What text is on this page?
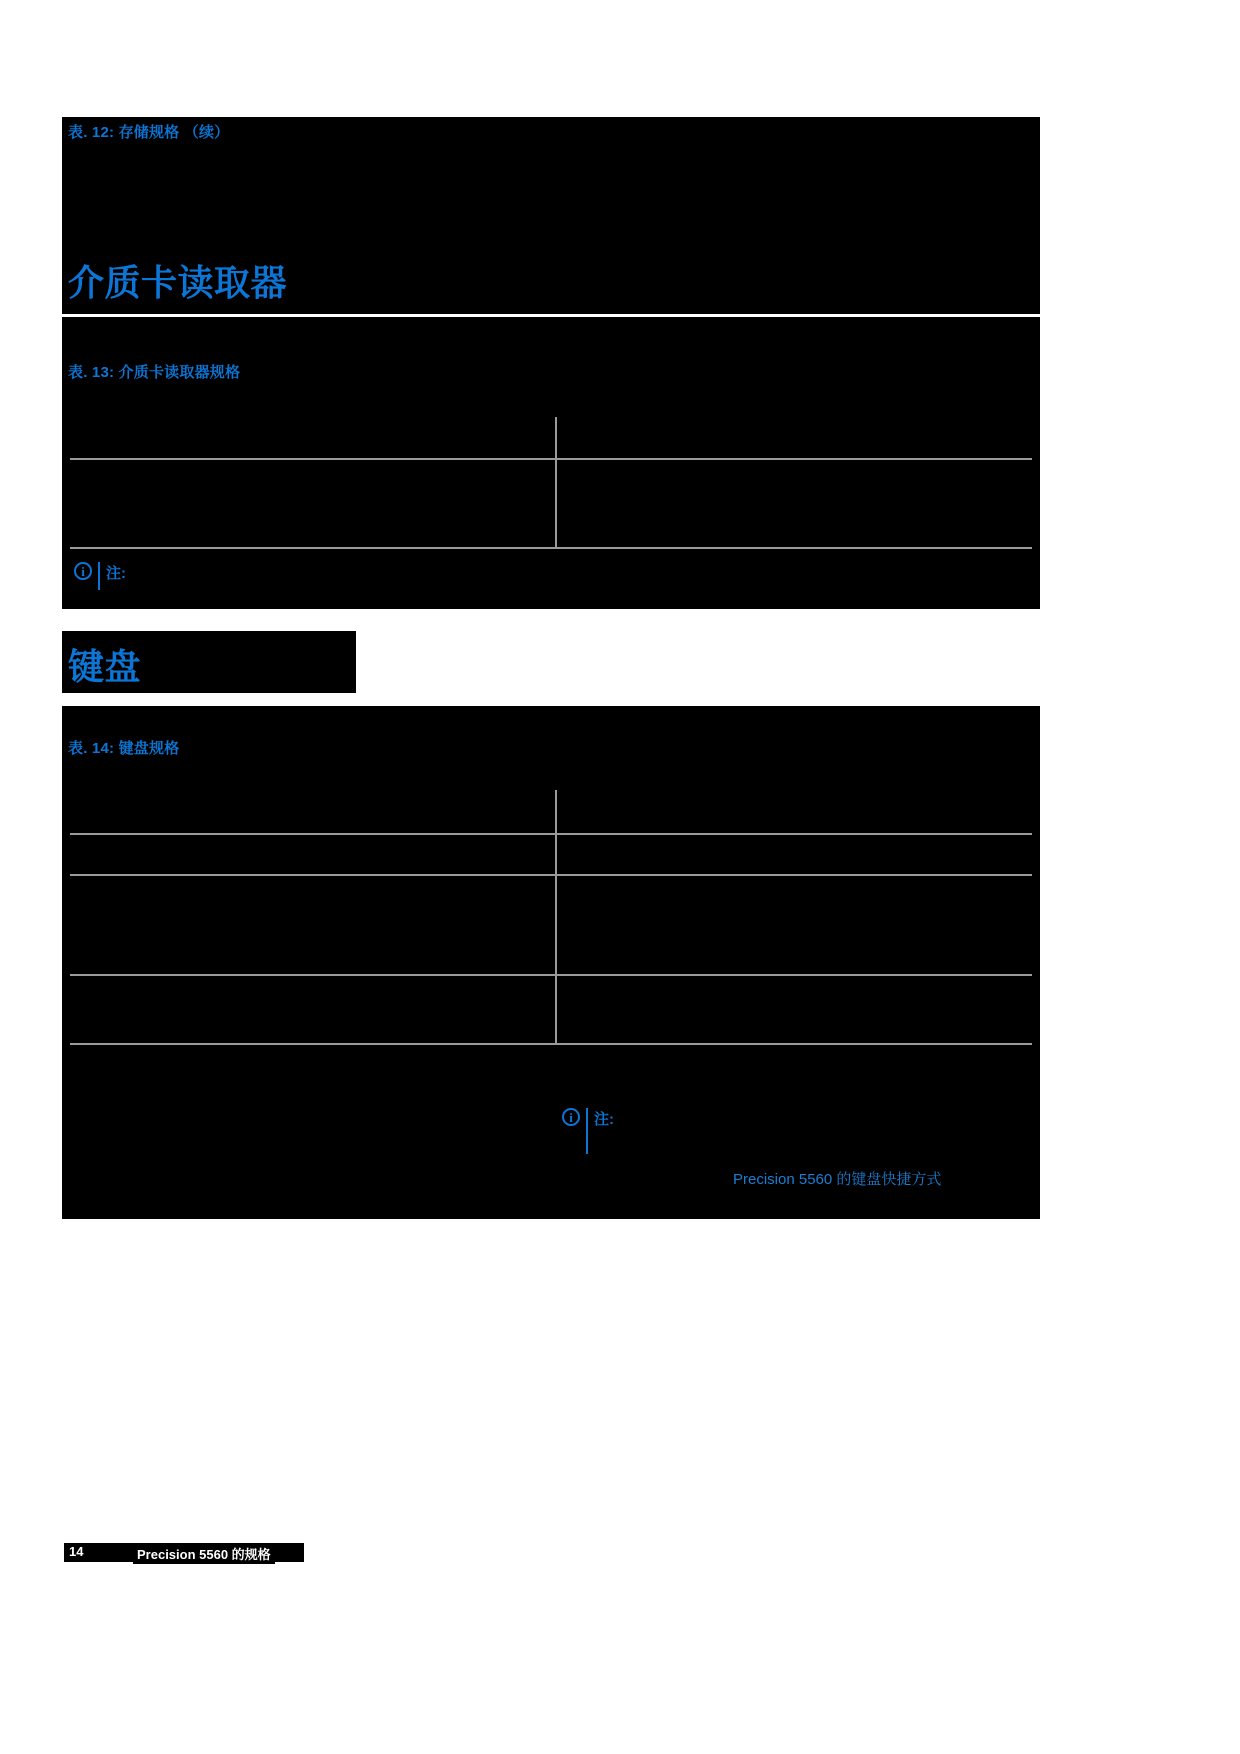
表. 12: 存储规格 （续）
介质卡读取器
表. 13: 介质卡读取器规格
i	注:
键盘
表. 14: 键盘规格
i	注:
Precision 5560 的键盘快捷方式
14	Precision 5560 的规格
